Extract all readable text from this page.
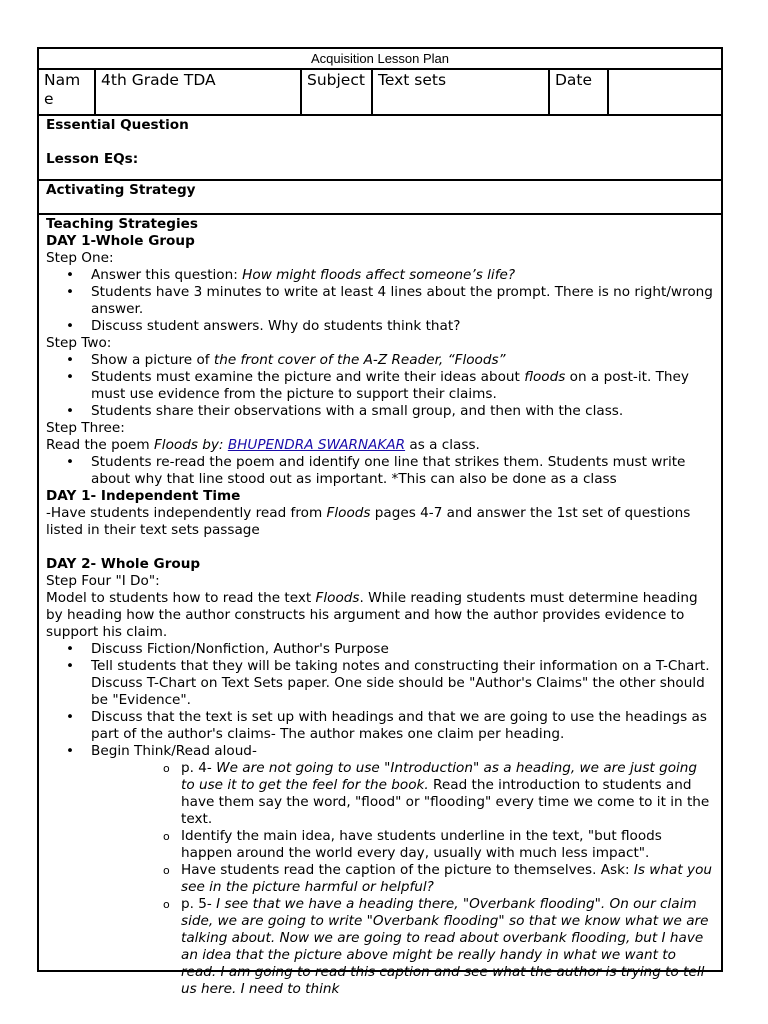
Acquisition Lesson Plan
Name
4th Grade TDA	Subject Text sets	Date
Essential Question
Lesson EQs:
Activating Strategy

Teaching Strategies

DAY 1-Whole Group

Step One:

• Answer this question: How might floods affect someone’s life?
• Students have 3 minutes to write at least 4 lines about the prompt. There is no right/wrong answer.
• Discuss student answers. Why do students think that?

Step Two:

• Show a picture of the front cover of the A-Z Reader, “Floods”
• Students must examine the picture and write their ideas about floods on a post-it. They must use evidence from the picture to support their claims.
• Students share their observations with a small group, and then with the class.

Step Three:

Read the poem Floods by: BHUPENDRA SWARNAKAR as a class.

• Students re-read the poem and identify one line that strikes them. Students must write about why that line stood out as important. *This can also be done as a class

DAY 1- Independent Time

-Have students independently read from Floods pages 4-7 and answer the 1st set of questions listed in their text sets passage

DAY 2- Whole Group

Step Four "I Do":

Model to students how to read the text Floods. While reading students must determine heading by heading how the author constructs his argument and how the author provides evidence to support his claim.

• Discuss Fiction/Nonfiction, Author's Purpose
• Tell students that they will be taking notes and constructing their information on a T-Chart. Discuss T-Chart on Text Sets paper. One side should be "Author's Claims" the other should be "Evidence".
• Discuss that the text is set up with headings and that we are going to use the headings as part of the author's claims- The author makes one claim per heading.
• Begin Think/Read aloud-
o p. 4- We are not going to use "Introduction" as a heading, we are just going to use it to get the feel for the book. Read the introduction to students and have them say the word, "flood" or "flooding" every time we come to it in the text.
o Identify the main idea, have students underline in the text, "but floods happen around the world every day, usually with much less impact".
o Have students read the caption of the picture to themselves. Ask: Is what you see in the picture harmful or helpful?
o p. 5- I see that we have a heading there, "Overbank flooding". On our claim side, we are going to write "Overbank flooding" so that we know what we are talking about. Now we are going to read about overbank flooding, but I have an idea that the picture above might be really handy in what we want to read. I am going to read this caption and see what the author is trying to tell us here. I need to think
